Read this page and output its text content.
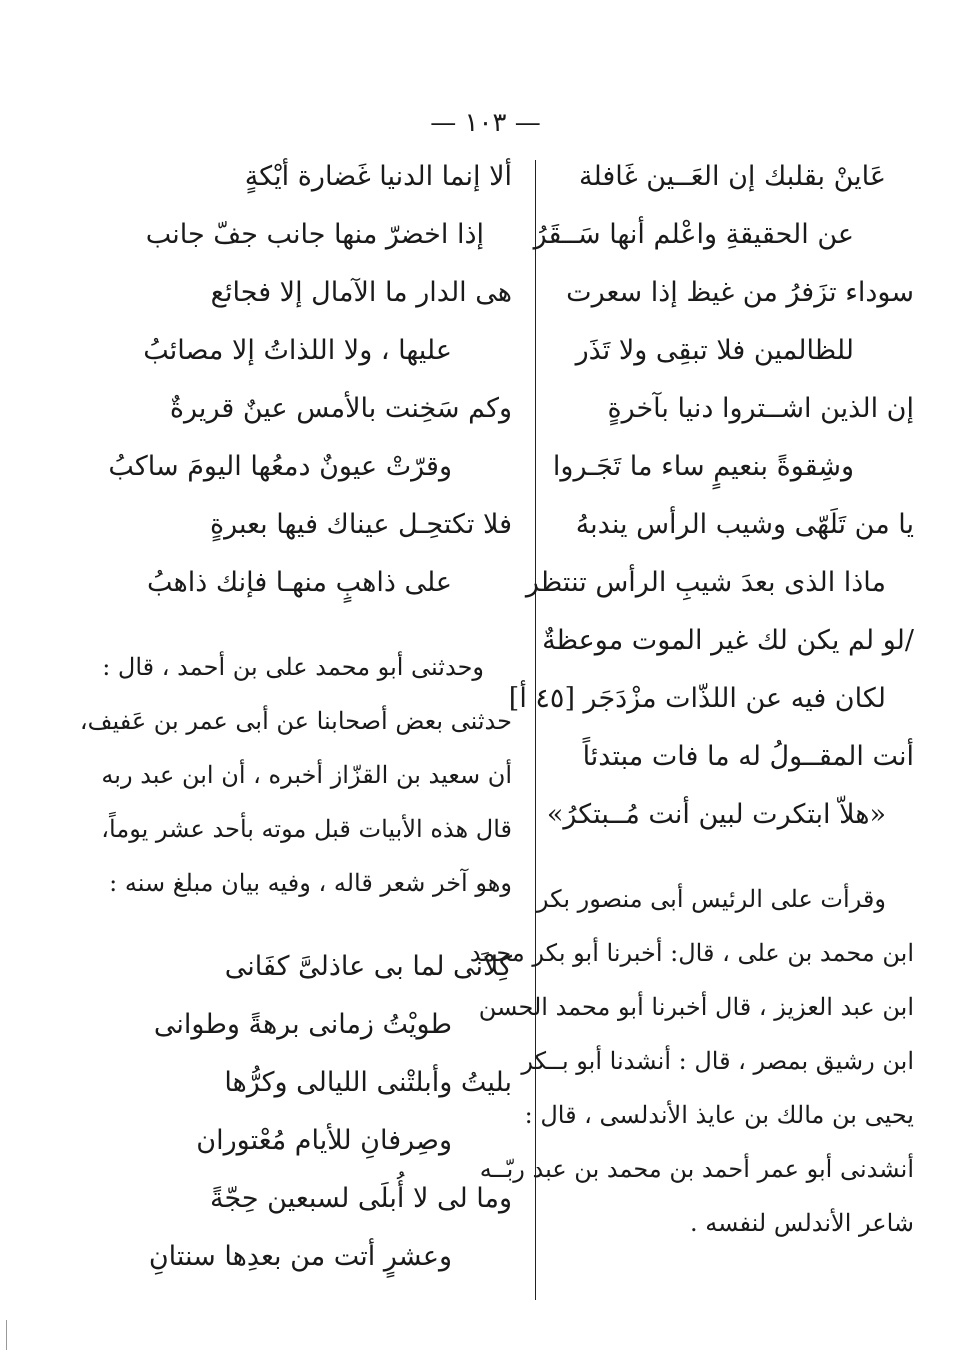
— ١٠٣ —
عَاينْ بقلبك إن العَــين غَافلة
عن الحقيقةِ واعْلم أنها سَــقَرُ
سوداء تزَفرُ من غيظ إذا سعرت
للظالمين فلا تبقِى ولا تَذَر
إن الذين اشــتروا دنيا بآخرةٍ
وشِقوةً بنعيمٍ ساء ما تَجَـروا
يا من تَلَهّى وشيب الرأس يندبهُ
ماذا الذى بعدَ شيبِ الرأس تنتظر
/لو لم يكن لك غير الموت موعظةٌ
لكان فيه عن اللذّات مزْدَجَر [٤٥ أ]
أنت المقــولُ له ما فات مبتدئاً
«هلاّ ابتكرت لبين أنت مُــبتكرُ»
وقرأت على الرئيس أبى منصور بكر
ابن محمد بن على ، قال: أخبرنا أبو بكر محمد
ابن عبد العزيز ، قال أخبرنا أبو محمد الحسن
ابن رشيق بمصر ، قال : أنشدنا أبو بــكر
يحيى بن مالك بن عايذ الأندلسى ، قال :
أنشدنى أبو عمر أحمد بن محمد بن عبد ربّــه
شاعر الأندلس لنفسه .
ألا إنما الدنيا غَضارة أيْكةٍ
إذا اخضرّ منها جانب جفّ جانب
هى الدار ما الآمال إلا فجائع
عليها ، ولا اللذاتُ إلا مصائبُ
وكم سَخِنت بالأمس عينٌ قريرةٌ
وقرّتْ عيونٌ دمعُها اليومَ ساكبُ
فلا تكتحِـل عيناك فيها بعبرةٍ
على ذاهبٍ منهـا فإنك ذاهبُ
وحدثنى أبو محمد على بن أحمد ، قال :
حدثنى بعض أصحابنا عن أبى عمر بن عَفيف،
أن سعيد بن القزّاز أخبره ، أن ابن عبد ربه
قال هذه الأبيات قبل موته بأحد عشر يوماً،
وهو آخر شعر قاله ، وفيه بيان مبلغ سنه :
كِلاَنى لما بى عاذلىَّ كفَانى
طويْتُ زمانى برهةً وطوانى
بليتُ وأبلتْنى الليالى وكرُّها
وصِرفانِ للأيام مُعْتوران
وما لى لا أُبلَى لسبعين حِجّةً
وعشرٍ أتت من بعدِها سنتانِ
